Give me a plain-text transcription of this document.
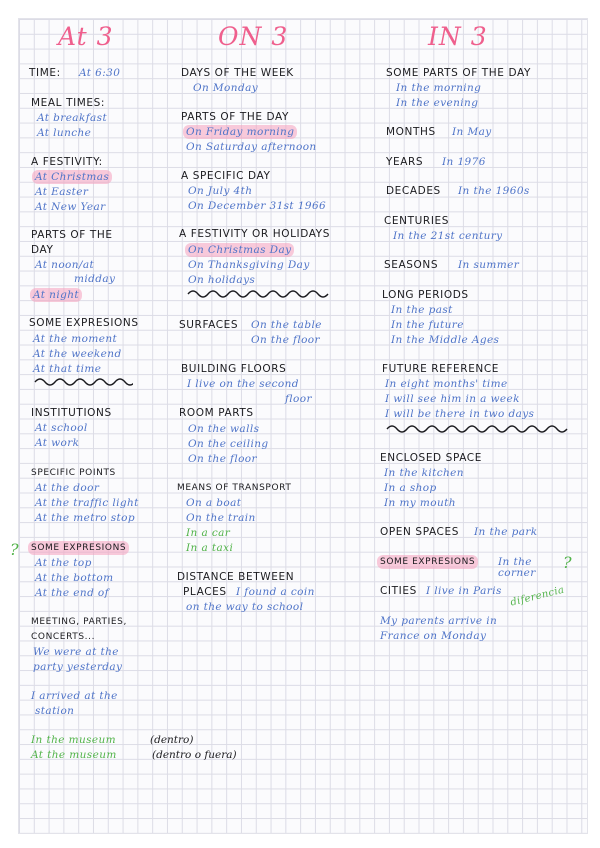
At 3	ON 3	IN 3
TIME: At 6:30
MEAL TIMES:
At breakfast
At lunche
A FESTIVITY:
At Christmas
At Easter
At New Year
PARTS OF THE
DAY
At noon/at
midday
At night
SOME EXPRESIONS
At the moment
At the weekend
At that time
INSTITUTIONS
At school
At work
SPECIFIC POINTS
At the door
At the traffic light
At the metro stop
?	SOME EXPRESIONS
At the top
At the bottom
At the end of
MEETING, PARTIES,
CONCERTS...
We were at the
party yesterday
I arrived at the
station
In the museum	(dentro)
At the museum	(dentro o fuera)
DAYS OF THE WEEK
On Monday
PARTS OF THE DAY
On Friday morning
On Saturday afternoon
A SPECIFIC DAY
On July 4th
On December 31st 1966
A FESTIVITY OR HOLIDAYS
On Christmas Day
On Thanksgiving Day
On holidays
SURFACES On the table
On the floor
BUILDING FLOORS
I live on the second
floor
ROOM PARTS
On the walls
On the ceiling
On the floor
MEANS OF TRANSPORT
On a boat
On the train
In a car
In a taxi
DISTANCE BETWEEN
PLACES I found a coin
on the way to school
SOME PARTS OF THE DAY
In the morning
In the evening
MONTHS In May
YEARS In 1976
DECADES In the 1960s
CENTURIES
In the 21st century
SEASONS In summer
LONG PERIODS
In the past
In the future
In the Middle Ages
FUTURE REFERENCE
In eight months' time
I will see him in a week
I will be there in two days
ENCLOSED SPACE
In the kitchen
In a shop
In my mouth
OPEN SPACES In the park
SOME EXPRESIONS In the
corner
?
CITIES I live in Paris diferencia
My parents arrive in
France on Monday
